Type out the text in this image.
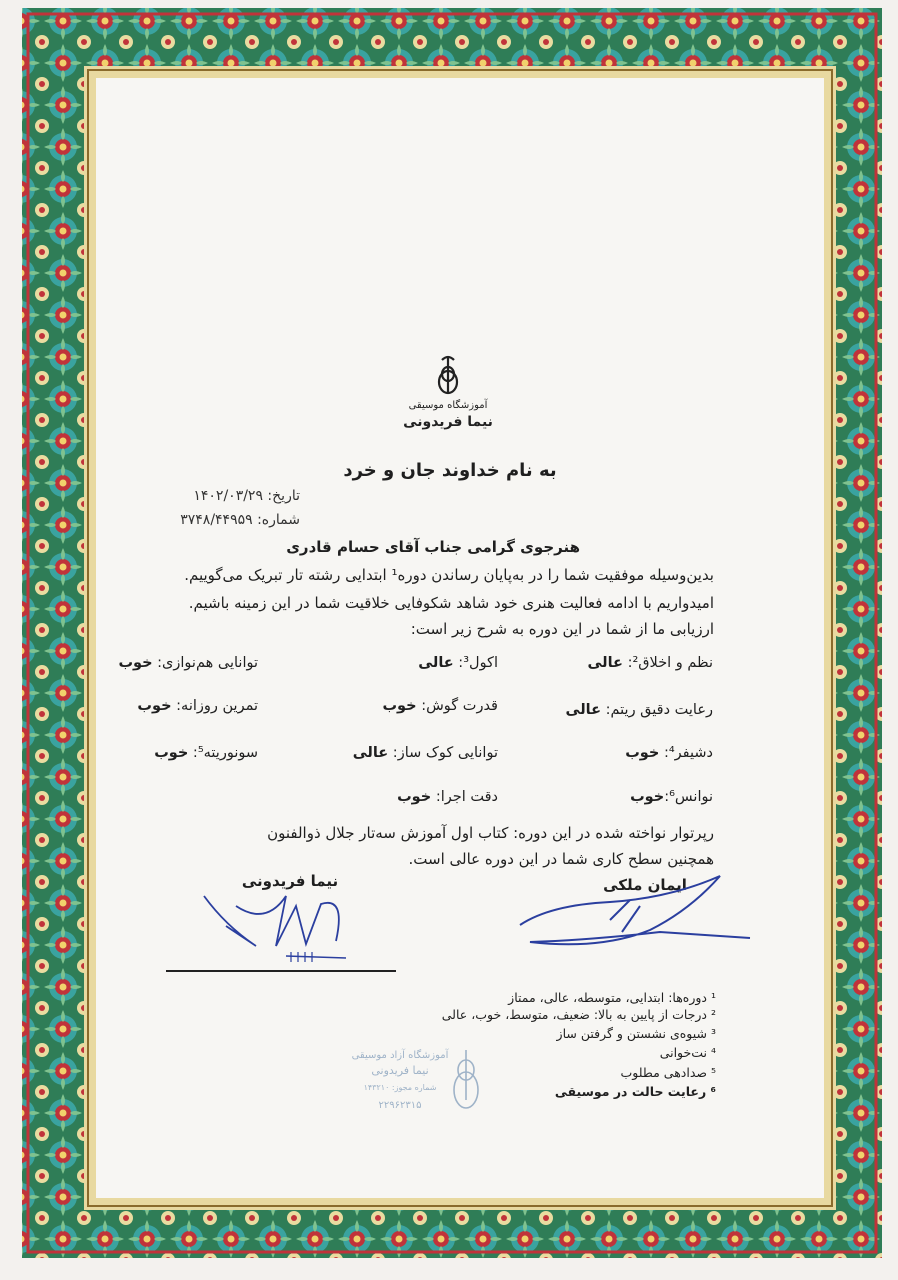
آموزشگاه موسیقی
نیما فریدونی
به نام خداوند جان و خرد
تاریخ: ۱۴۰۲/۰۳/۲۹
شماره: ۳۷۴۸/۴۴۹۵۹
هنرجوی گرامی جناب آقای حسام قادری
بدین‌وسیله موفقیت شما را در به‌پایان رساندن دوره¹ ابتدایی رشته تار تبریک می‌گوییم.
امیدواریم با ادامه فعالیت هنری خود شاهد شکوفایی خلاقیت شما در این زمینه باشیم.
ارزیابی ما از شما در این دوره به شرح زیر است:
نظم و اخلاق²: عالی
اکول³: عالی
توانایی هم‌نوازی: خوب
رعایت دقیق ریتم: عالی
قدرت گوش: خوب
تمرین روزانه: خوب
دشیفر⁴: خوب
توانایی کوک ساز: عالی
سونوریته⁵: خوب
نوانس⁶:خوب
دقت اجرا: خوب
رپرتوار نواخته شده در این دوره: کتاب اول آموزش سه‌تار جلال ذوالفنون
همچنین سطح کاری شما در این دوره عالی است.
ایمان ملکی
نیما فریدونی
آموزشگاه آزاد موسیقی
نیما فریدونی
شماره مجوز: ۱۴۳۲۱۰
۲۲۹۶۲۳۱۵
¹ دوره‌ها: ابتدایی، متوسطه، عالی، ممتاز
² درجات از پایین به بالا: ضعیف، متوسط، خوب، عالی
³ شیوه‌ی نشستن و گرفتن ساز
⁴ نت‌خوانی
⁵ صدادهی مطلوب
⁶ رعایت حالت در موسیقی
